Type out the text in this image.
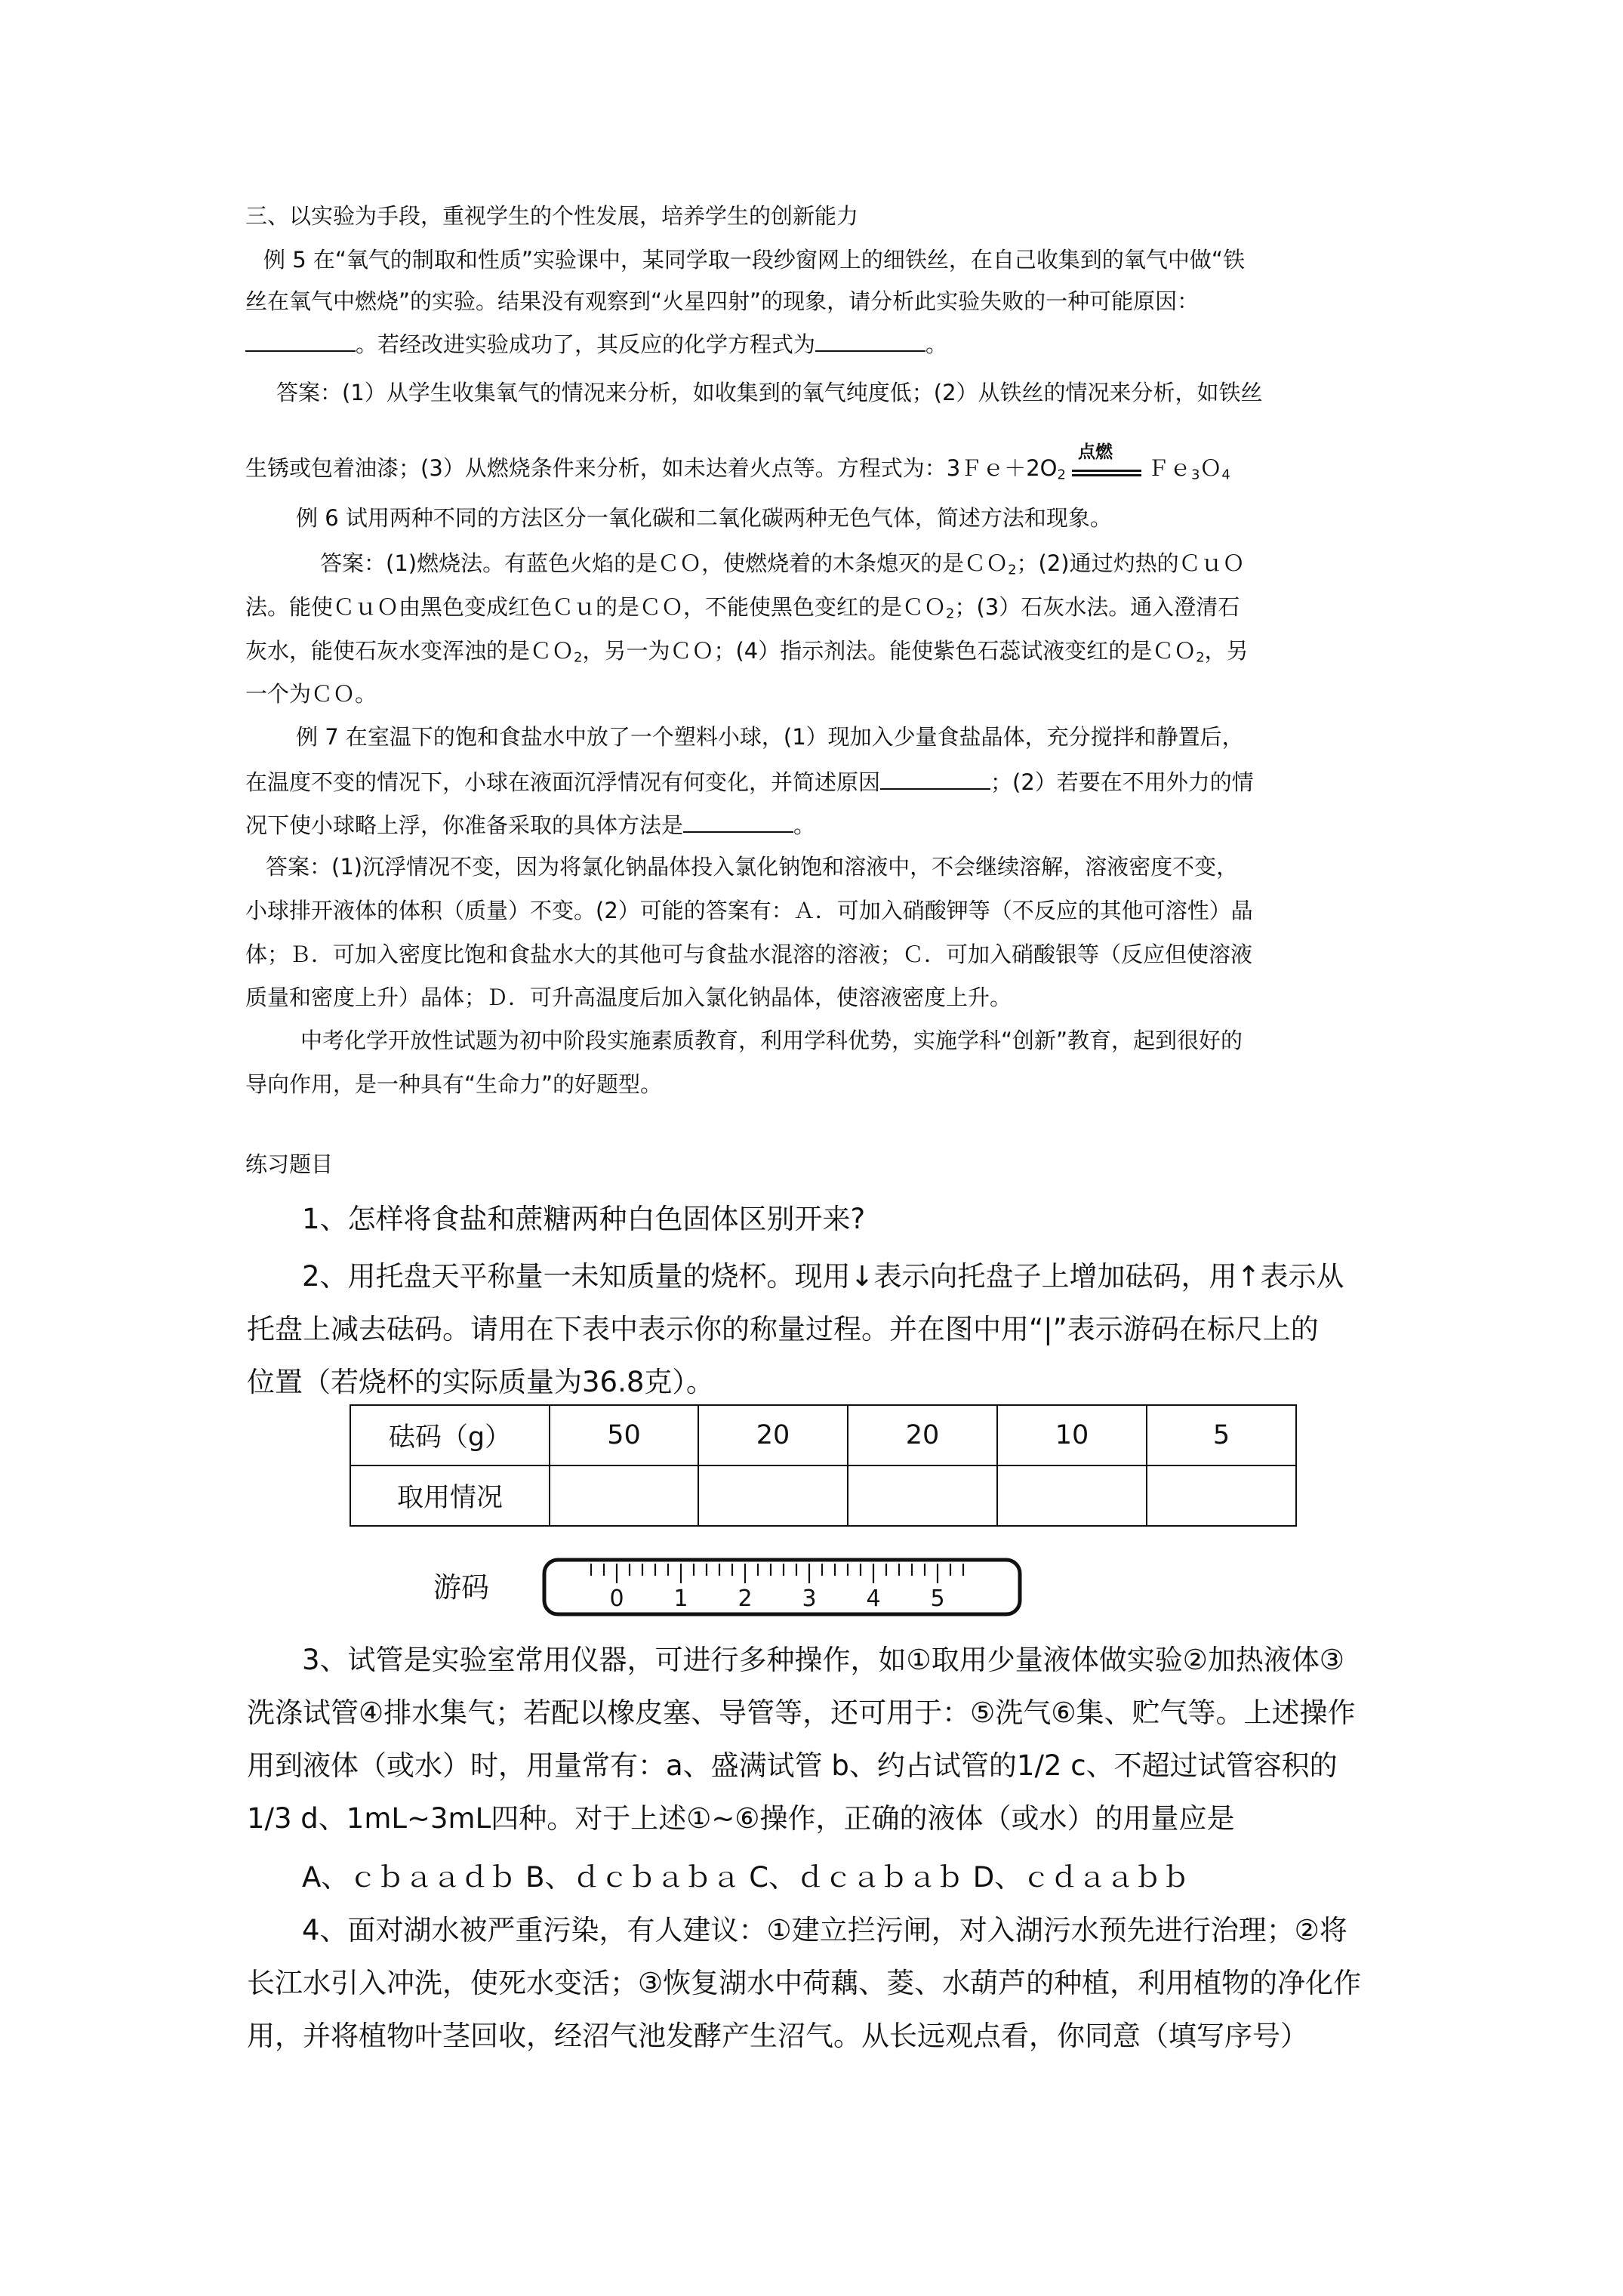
三、以实验为手段，重视学生的个性发展，培养学生的创新能力
例 5 在“氧气的制取和性质”实验课中，某同学取一段纱窗网上的细铁丝，在自己收集到的氧气中做“铁
丝在氧气中燃烧”的实验。结果没有观察到“火星四射”的现象，请分析此实验失败的一种可能原因：
。若经改进实验成功了，其反应的化学方程式为	。
答案：(1）从学生收集氧气的情况来分析，如收集到的氧气纯度低；(2）从铁丝的情况来分析，如铁丝
生锈或包着油漆；(3）从燃烧条件来分析，如未达着火点等。方程式为：$3Fe+2O_2$
点燃
Ｆｅ$_3$Ｏ$_4$
例 6 试用两种不同的方法区分一氧化碳和二氧化碳两种无色气体，简述方法和现象。
答案：(1)燃烧法。有蓝色火焰的是ＣＯ，使燃烧着的木条熄灭的是ＣＯ$_2$；(2)通过灼热的ＣｕＯ
法。能使ＣｕＯ由黑色变成红色Ｃｕ的是ＣＯ，不能使黑色变红的是ＣＯ$_2$；(3）石灰水法。通入澄清石
灰水，能使石灰水变浑浊的是ＣＯ$_2$，另一为ＣＯ；(4）指示剂法。能使紫色石蕊试液变红的是ＣＯ$_2$，另
一个为ＣＯ。
例 7 在室温下的饱和食盐水中放了一个塑料小球，(1）现加入少量食盐晶体，充分搅拌和静置后，
在温度不变的情况下，小球在液面沉浮情况有何变化，并简述原因	；(2）若要在不用外力的情
况下使小球略上浮，你准备采取的具体方法是	。
答案：(1)沉浮情况不变，因为将氯化钠晶体投入氯化钠饱和溶液中，不会继续溶解，溶液密度不变，
小球排开液体的体积（质量）不变。(2）可能的答案有：Ａ．可加入硝酸钾等（不反应的其他可溶性）晶
体；Ｂ．可加入密度比饱和食盐水大的其他可与食盐水混溶的溶液；Ｃ．可加入硝酸银等（反应但使溶液
质量和密度上升）晶体；Ｄ．可升高温度后加入氯化钠晶体，使溶液密度上升。
中考化学开放性试题为初中阶段实施素质教育，利用学科优势，实施学科“创新”教育，起到很好的
导向作用，是一种具有“生命力”的好题型。
练习题目
1、怎样将食盐和蔗糖两种白色固体区别开来?
2、用托盘天平称量一未知质量的烧杯。现用↓表示向托盘子上增加砝码，用↑表示从
托盘上减去砝码。请用在下表中表示你的称量过程。并在图中用“|”表示游码在标尺上的
位置（若烧杯的实际质量为36.8克）。
砝码（g）	50	20	20	10	5
取用情况					
游码	0 1 2 3 4 5
3、试管是实验室常用仪器，可进行多种操作，如①取用少量液体做实验②加热液体③
洗涤试管④排水集气；若配以橡皮塞、导管等，还可用于：⑤洗气⑥集、贮气等。上述操作
用到液体（或水）时，用量常有：a、盛满试管 b、约占试管的1/2 c、不超过试管容积的
1/3 d、1mL~3mL四种。对于上述①~⑥操作，正确的液体（或水）的用量应是
A、ｃｂａａｄｂ B、ｄｃｂａｂａ C、ｄｃａｂａｂ D、ｃｄａａｂｂ
4、面对湖水被严重污染，有人建议：①建立拦污闸，对入湖污水预先进行治理；②将
长江水引入冲洗，使死水变活；③恢复湖水中荷藕、菱、水葫芦的种植，利用植物的净化作
用，并将植物叶茎回收，经沼气池发酵产生沼气。从长远观点看，你同意（填写序号）
